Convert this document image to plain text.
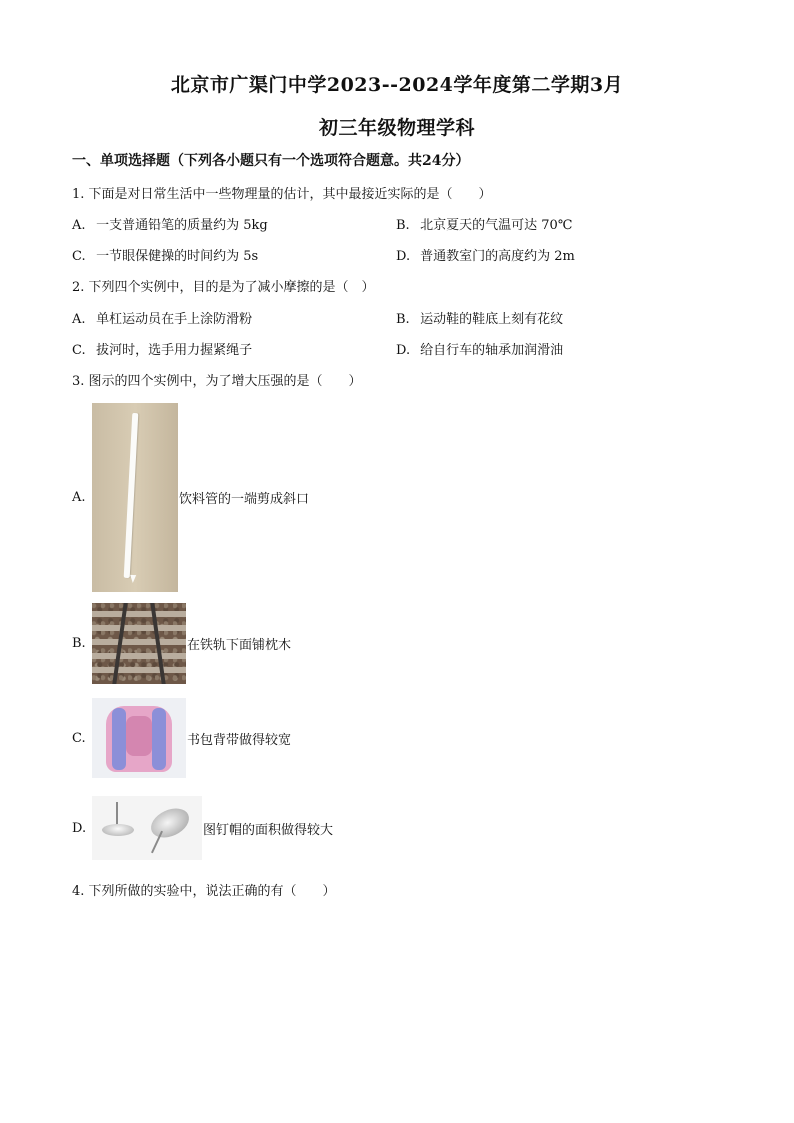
北京市广渠门中学2023--2024学年度第二学期3月
初三年级物理学科
一、单项选择题（下列各小题只有一个选项符合题意。共24分）
1. 下面是对日常生活中一些物理量的估计，其中最接近实际的是（　　）
A. 一支普通铅笔的质量约为 5kg	B. 北京夏天的气温可达 70℃
C. 一节眼保健操的时间约为 5s	D. 普通教室门的高度约为 2m
2. 下列四个实例中，目的是为了减小摩擦的是（　）
A. 单杠运动员在手上涂防滑粉	B. 运动鞋的鞋底上刻有花纹
C. 拔河时，选手用力握紧绳子	D. 给自行车的轴承加润滑油
3. 图示的四个实例中，为了增大压强的是（　　）
A.	饮料管的一端剪成斜口
B.	在铁轨下面铺枕木
C.	书包背带做得较宽
D.	图钉帽的面积做得较大
4. 下列所做的实验中，说法正确的有（　　）
